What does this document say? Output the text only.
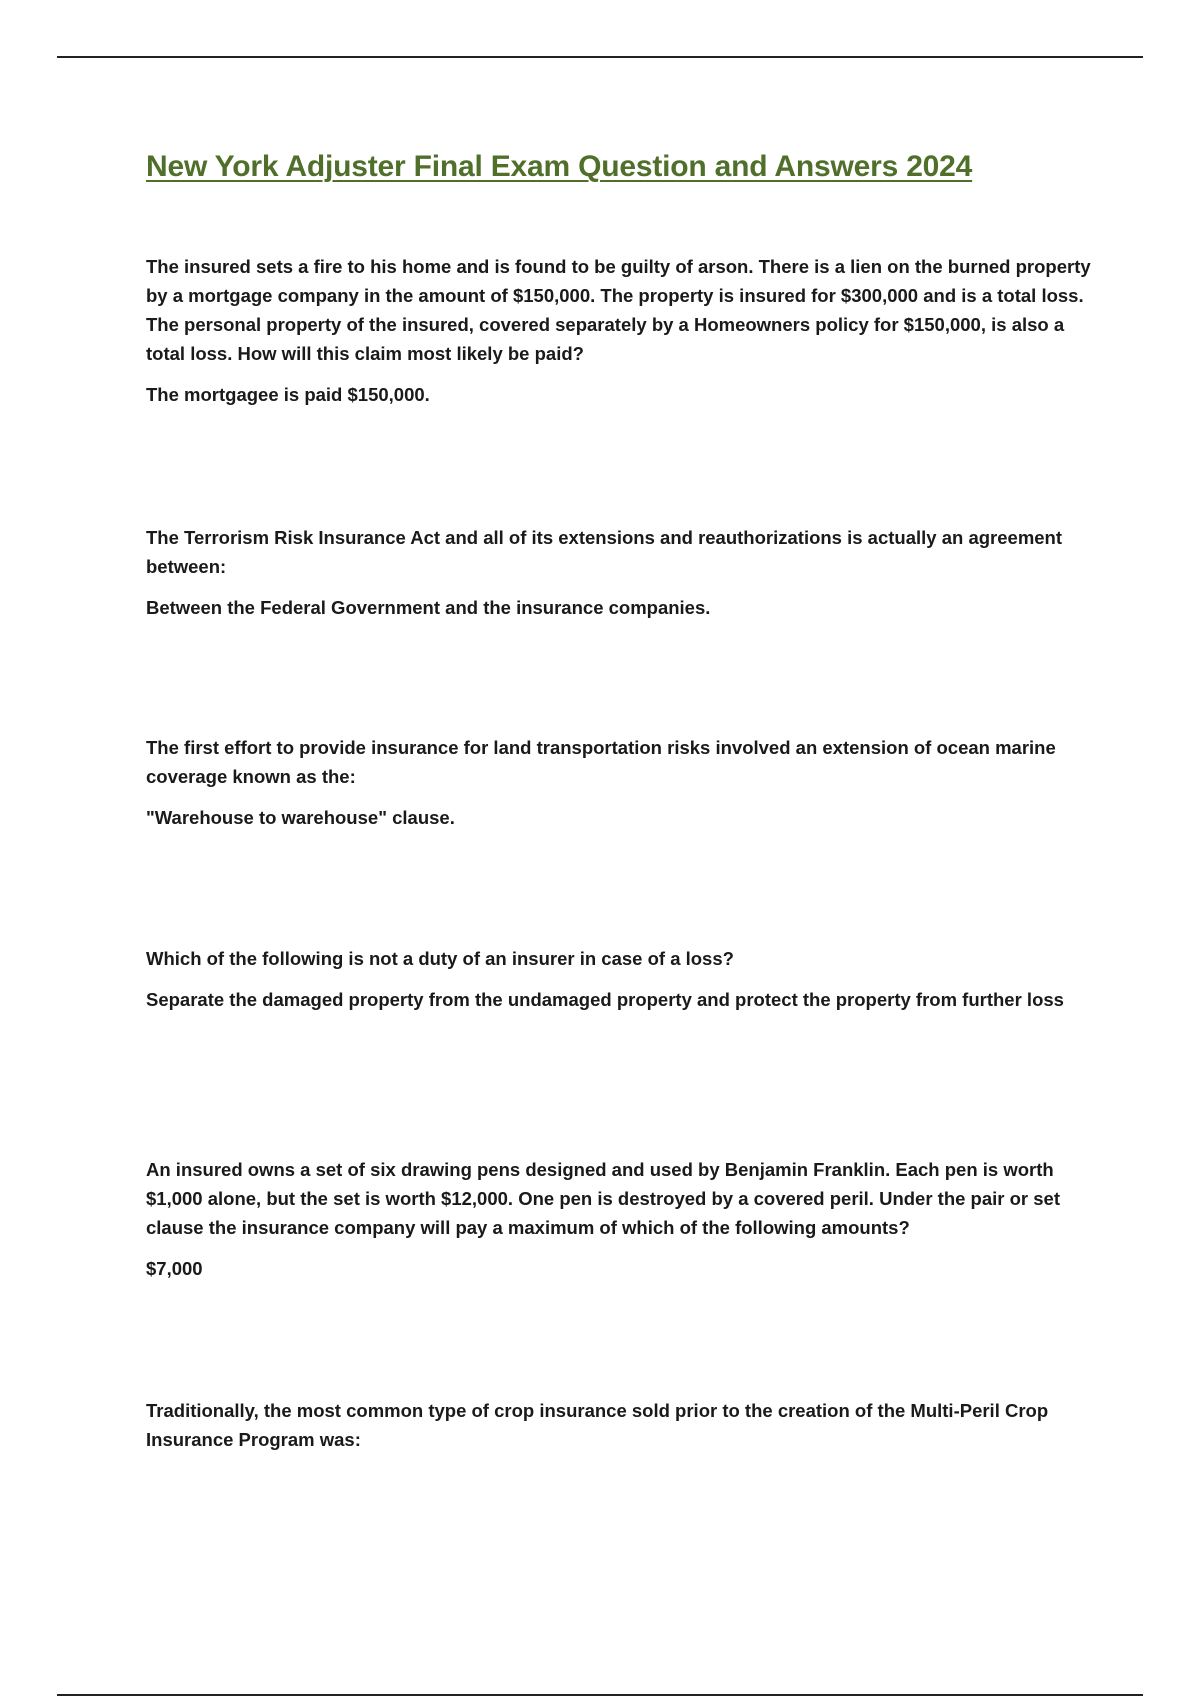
New York Adjuster Final Exam Question and Answers 2024

The insured sets a fire to his home and is found to be guilty of arson. There is a lien on the burned property by a mortgage company in the amount of $150,000. The property is insured for $300,000 and is a total loss. The personal property of the insured, covered separately by a Homeowners policy for $150,000, is also a total loss. How will this claim most likely be paid?

The mortgagee is paid $150,000.

The Terrorism Risk Insurance Act and all of its extensions and reauthorizations is actually an agreement between:

Between the Federal Government and the insurance companies.

The first effort to provide insurance for land transportation risks involved an extension of ocean marine coverage known as the:

"Warehouse to warehouse" clause.

Which of the following is not a duty of an insurer in case of a loss?

Separate the damaged property from the undamaged property and protect the property from further loss

An insured owns a set of six drawing pens designed and used by Benjamin Franklin. Each pen is worth $1,000 alone, but the set is worth $12,000. One pen is destroyed by a covered peril. Under the pair or set clause the insurance company will pay a maximum of which of the following amounts?

$7,000

Traditionally, the most common type of crop insurance sold prior to the creation of the Multi-Peril Crop Insurance Program was:
